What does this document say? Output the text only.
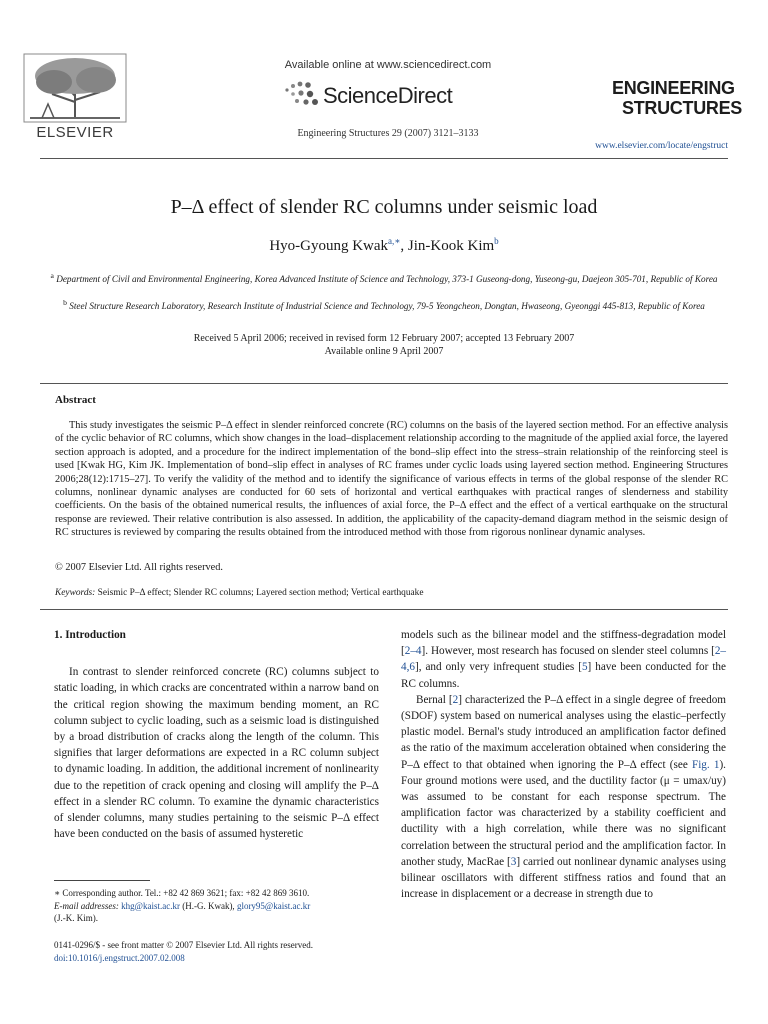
ELSEVIER
Available online at www.sciencedirect.com
ScienceDirect
Engineering Structures 29 (2007) 3121–3133
ENGINEERING
STRUCTURES
www.elsevier.com/locate/engstruct
P–Δ effect of slender RC columns under seismic load
Hyo-Gyoung Kwak$^{a,∗}$, Jin-Kook Kim$^b$
$^a$ Department of Civil and Environmental Engineering, Korea Advanced Institute of Science and Technology, 373-1 Guseong-dong, Yuseong-gu, Daejeon 305-701, Republic of Korea
$^b$ Steel Structure Research Laboratory, Research Institute of Industrial Science and Technology, 79-5 Yeongcheon, Dongtan, Hwaseong, Gyeonggi 445-813, Republic of Korea
Received 5 April 2006; received in revised form 12 February 2007; accepted 13 February 2007
Available online 9 April 2007
Abstract

This study investigates the seismic P–Δ effect in slender reinforced concrete (RC) columns on the basis of the layered section method. For an effective analysis of the cyclic behavior of RC columns, which show changes in the load–displacement relationship according to the magnitude of the applied axial force, the layered section approach is adopted, and a procedure for the indirect implementation of the bond–slip effect into the stress–strain relationship of the reinforcing steel is used [Kwak HG, Kim JK. Implementation of bond–slip effect in analyses of RC frames under cyclic loads using layered section method. Engineering Structures 2006;28(12):1715–27]. To verify the validity of the method and to identify the significance of various effects in terms of the global response of the slender RC columns, nonlinear dynamic analyses are conducted for 60 sets of horizontal and vertical earthquakes with practical ranges of slenderness and stability coefficients. On the basis of the obtained numerical results, the influences of axial force, the P–Δ effect and the effect of a vertical earthquake on the structural response are reviewed. Their relative contribution is also assessed. In addition, the applicability of the capacity-demand diagram method in the seismic design of RC structures is reviewed by comparing the results obtained from the introduced method with those from rigorous nonlinear dynamic analyses.

© 2007 Elsevier Ltd. All rights reserved.
Keywords: Seismic P–Δ effect; Slender RC columns; Layered section method; Vertical earthquake

1. Introduction

In contrast to slender reinforced concrete (RC) columns subject to static loading, in which cracks are concentrated within a narrow band on the critical region showing the maximum bending moment, an RC column subject to cyclic loading, such as a seismic load is distinguished by a broad distribution of cracks along the length of the column. This signifies that larger deformations are expected in a RC column subject to dynamic loading. In addition, the additional increment of nonlinearity due to the repetition of crack opening and closing will amplify the P–Δ effect in a slender RC column. To examine the dynamic characteristics of slender columns, many studies pertaining to the seismic P–Δ effect have been conducted on the basis of assumed hysteretic

models such as the bilinear model and the stiffness-degradation model [2–4]. However, most research has focused on slender steel columns [2–4,6], and only very infrequent studies [5] have been conducted for the RC columns.

Bernal [2] characterized the P–Δ effect in a single degree of freedom (SDOF) system based on numerical analyses using the elastic–perfectly plastic model. Bernal's study introduced an amplification factor defined as the ratio of the maximum acceleration obtained when considering the P–Δ effect to that obtained when ignoring the P–Δ effect (see Fig. 1). Four ground motions were used, and the ductility factor (μ = umax/uy) was assumed to be constant for each response spectrum. The amplification factor was characterized by a stability coefficient and ductility with a high correlation, while there was no significant correlation between the structural period and the amplification factor. In another study, MacRae [3] carried out nonlinear dynamic analyses using bilinear oscillators with different stiffness ratios and found that an increase in displacement or a decrease in strength due to

∗ Corresponding author. Tel.: +82 42 869 3621; fax: +82 42 869 3610.

E-mail addresses: khg@kaist.ac.kr (H.-G. Kwak), glory95@kaist.ac.kr
(J.-K. Kim).

0141-0296/$ - see front matter © 2007 Elsevier Ltd. All rights reserved.
doi:10.1016/j.engstruct.2007.02.008
